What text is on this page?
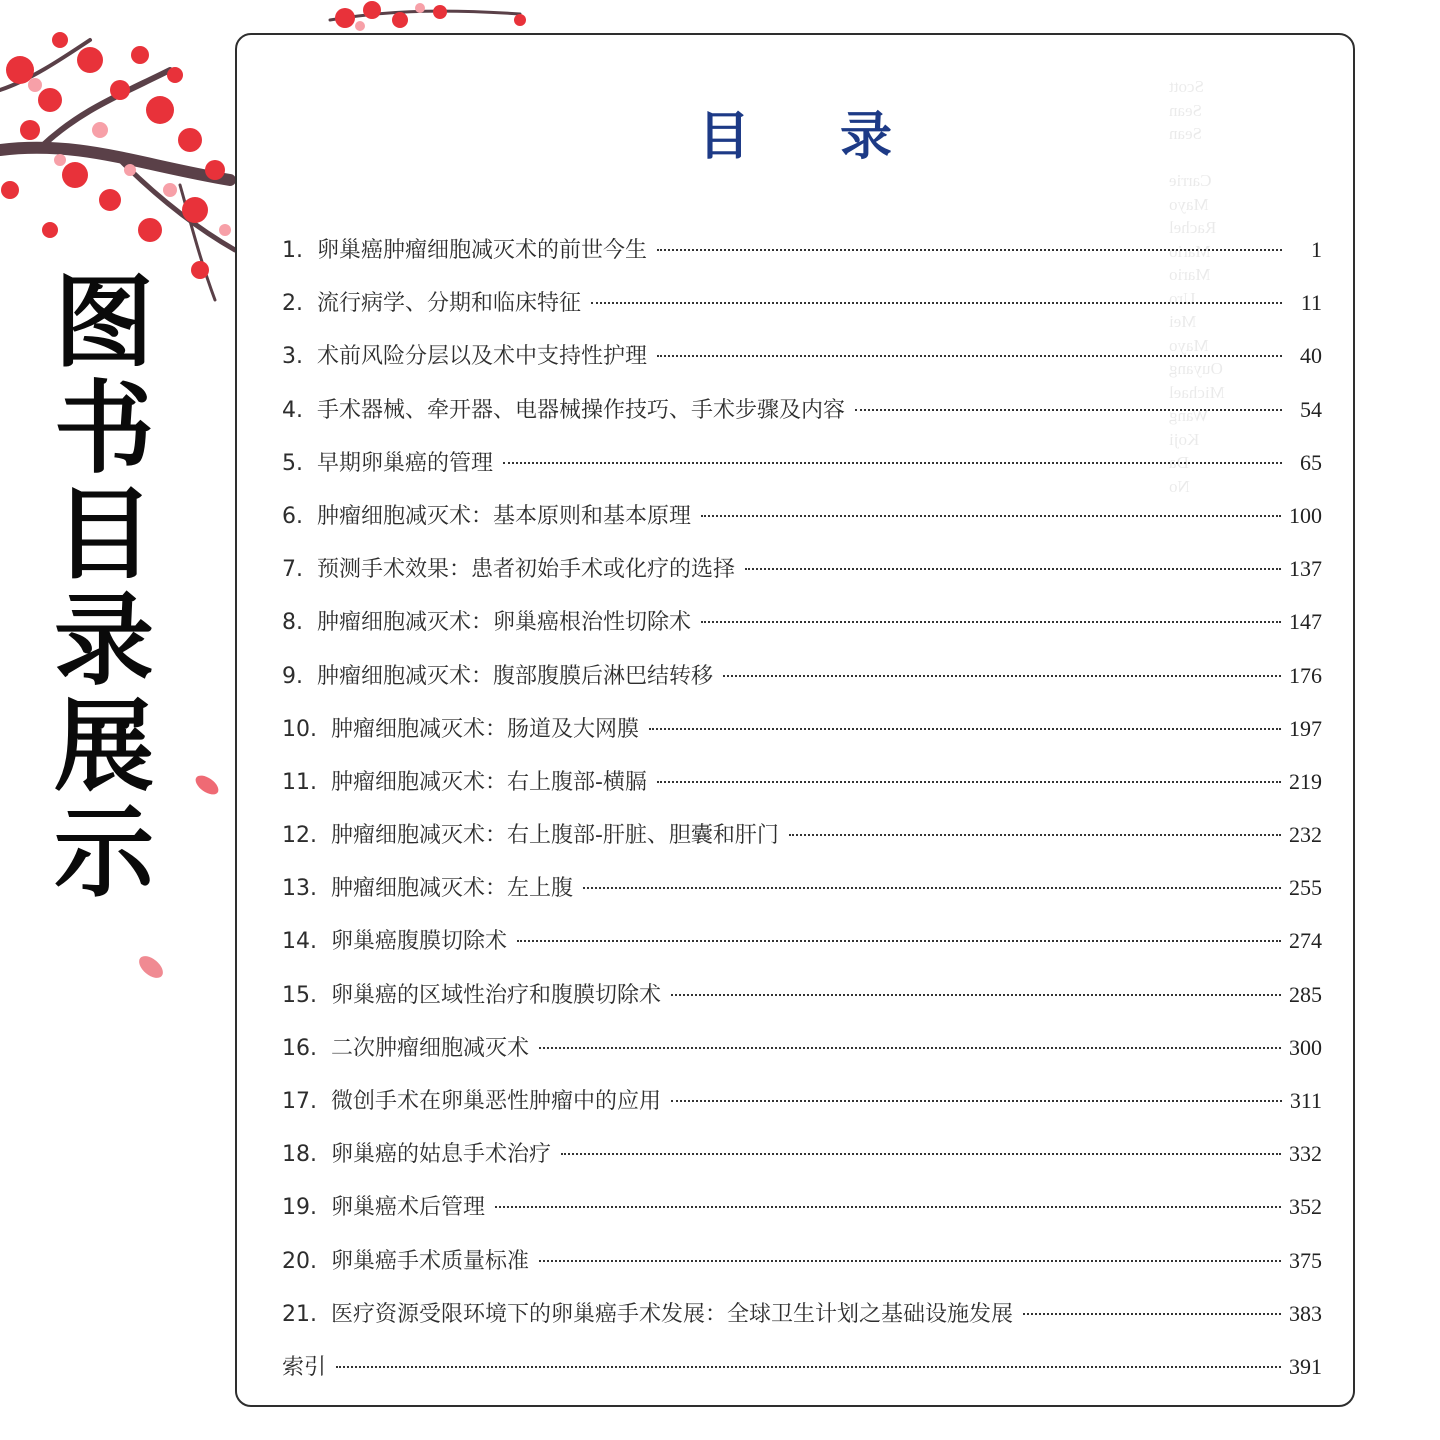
图
书
目
录
展
示
Scott
Sean
Sean

Carrie
Mayo
Rachel
Mario
Mario
Uro
Mei
Mayo
Ouyang
Michael
Wang
Koji
Da
No
目录
1. 卵巢癌肿瘤细胞减灭术的前世今生	1
2. 流行病学、分期和临床特征	11
3. 术前风险分层以及术中支持性护理	40
4. 手术器械、牵开器、电器械操作技巧、手术步骤及内容	54
5. 早期卵巢癌的管理	65
6. 肿瘤细胞减灭术：基本原则和基本原理	100
7. 预测手术效果：患者初始手术或化疗的选择	137
8. 肿瘤细胞减灭术：卵巢癌根治性切除术	147
9. 肿瘤细胞减灭术：腹部腹膜后淋巴结转移	176
10. 肿瘤细胞减灭术：肠道及大网膜	197
11. 肿瘤细胞减灭术：右上腹部-横膈	219
12. 肿瘤细胞减灭术：右上腹部-肝脏、胆囊和肝门	232
13. 肿瘤细胞减灭术：左上腹	255
14. 卵巢癌腹膜切除术	274
15. 卵巢癌的区域性治疗和腹膜切除术	285
16. 二次肿瘤细胞减灭术	300
17. 微创手术在卵巢恶性肿瘤中的应用	311
18. 卵巢癌的姑息手术治疗	332
19. 卵巢癌术后管理	352
20. 卵巢癌手术质量标准	375
21. 医疗资源受限环境下的卵巢癌手术发展：全球卫生计划之基础设施发展	383
索引	391
